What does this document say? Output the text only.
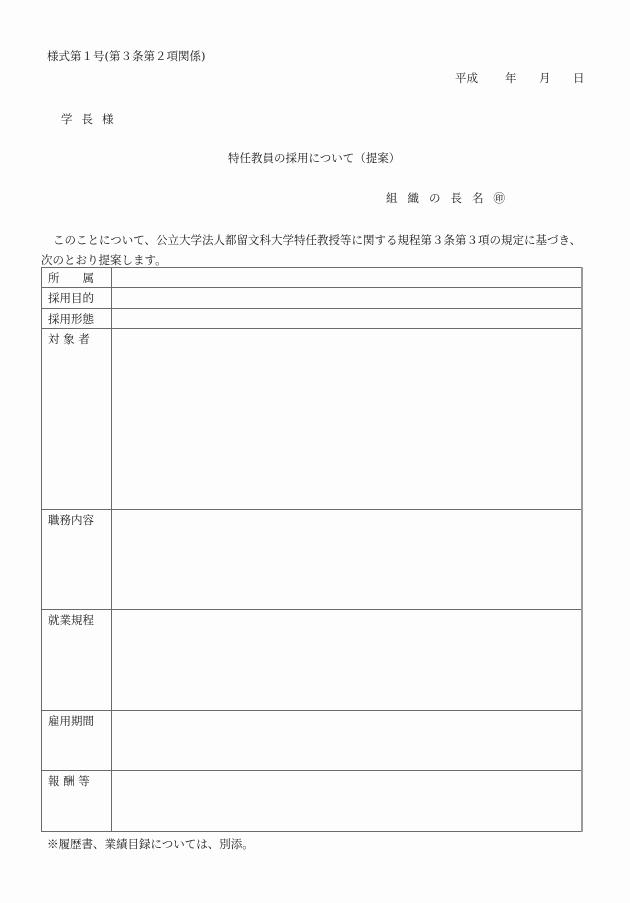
様式第１号(第３条第２項関係)
平成	年	月	日
学長様
特任教員の採用について（提案）
組織の長名㊞
このことについて、公立大学法人都留文科大学特任教授等に関する規程第３条第３項の規定に基づき、
次のとおり提案します。
所　　属	
採用目的	
採用形態	
対 象 者	
職務内容	
就業規程	
雇用期間	
報 酬 等	
※履歴書、業績目録については、別添。
